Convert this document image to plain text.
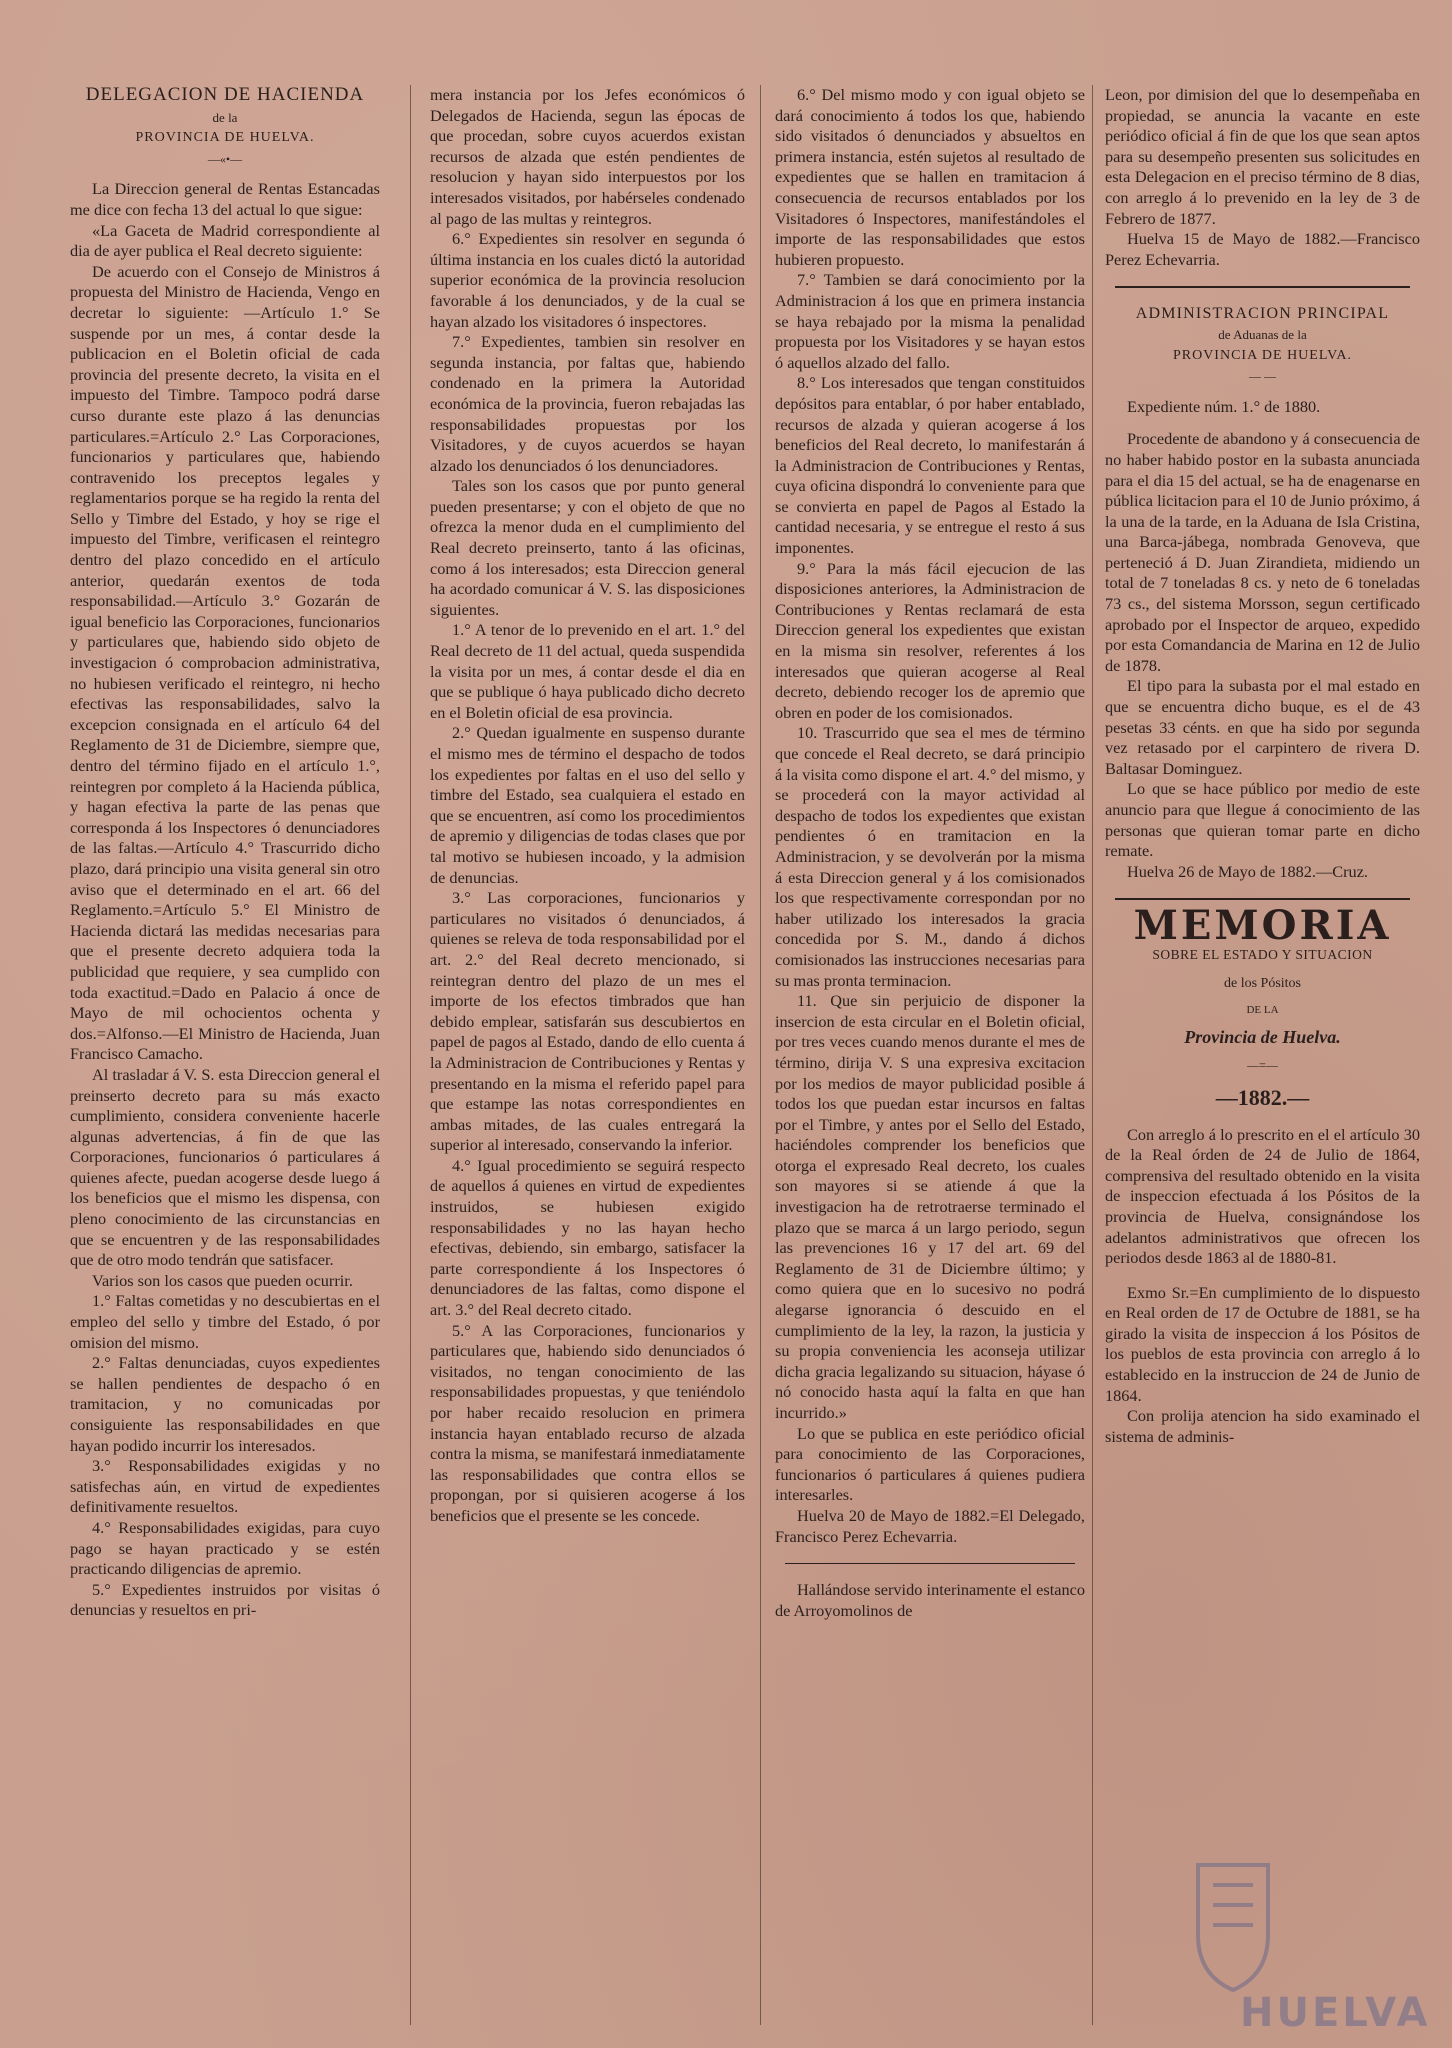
DELEGACION DE HACIENDA

de la

PROVINCIA DE HUELVA.

—«•—

La Direccion general de Rentas Estancadas me dice con fecha 13 del actual lo que sigue:

«La Gaceta de Madrid correspondiente al dia de ayer publica el Real decreto siguiente:

De acuerdo con el Consejo de Ministros á propuesta del Ministro de Hacienda, Vengo en decretar lo siguiente: —Artículo 1.° Se suspende por un mes, á contar desde la publicacion en el Boletin oficial de cada provincia del presente decreto, la visita en el impuesto del Timbre. Tampoco podrá darse curso durante este plazo á las denuncias particulares.=Artículo 2.° Las Corporaciones, funcionarios y particulares que, habiendo contravenido los preceptos legales y reglamentarios porque se ha regido la renta del Sello y Timbre del Estado, y hoy se rige el impuesto del Timbre, verificasen el reintegro dentro del plazo concedido en el artículo anterior, quedarán exentos de toda responsabilidad.—Artículo 3.° Gozarán de igual beneficio las Corporaciones, funcionarios y particulares que, habiendo sido objeto de investigacion ó comprobacion administrativa, no hubiesen verificado el reintegro, ni hecho efectivas las responsabilidades, salvo la excepcion consignada en el artículo 64 del Reglamento de 31 de Diciembre, siempre que, dentro del término fijado en el artículo 1.°, reintegren por completo á la Hacienda pública, y hagan efectiva la parte de las penas que corresponda á los Inspectores ó denunciadores de las faltas.—Artículo 4.° Trascurrido dicho plazo, dará principio una visita general sin otro aviso que el determinado en el art. 66 del Reglamento.=Artículo 5.° El Ministro de Hacienda dictará las medidas necesarias para que el presente decreto adquiera toda la publicidad que requiere, y sea cumplido con toda exactitud.=Dado en Palacio á once de Mayo de mil ochocientos ochenta y dos.=Alfonso.—El Ministro de Hacienda, Juan Francisco Camacho.

Al trasladar á V. S. esta Direccion general el preinserto decreto para su más exacto cumplimiento, considera conveniente hacerle algunas advertencias, á fin de que las Corporaciones, funcionarios ó particulares á quienes afecte, puedan acogerse desde luego á los beneficios que el mismo les dispensa, con pleno conocimiento de las circunstancias en que se encuentren y de las responsabilidades que de otro modo tendrán que satisfacer.

Varios son los casos que pueden ocurrir.

1.° Faltas cometidas y no descubiertas en el empleo del sello y timbre del Estado, ó por omision del mismo.

2.° Faltas denunciadas, cuyos expedientes se hallen pendientes de despacho ó en tramitacion, y no comunicadas por consiguiente las responsabilidades en que hayan podido incurrir los interesados.

3.° Responsabilidades exigidas y no satisfechas aún, en virtud de expedientes definitivamente resueltos.

4.° Responsabilidades exigidas, para cuyo pago se hayan practicado y se estén practicando diligencias de apremio.

5.° Expedientes instruidos por visitas ó denuncias y resueltos en pri-

mera instancia por los Jefes económicos ó Delegados de Hacienda, segun las épocas de que procedan, sobre cuyos acuerdos existan recursos de alzada que estén pendientes de resolucion y hayan sido interpuestos por los interesados visitados, por habérseles condenado al pago de las multas y reintegros.

6.° Expedientes sin resolver en segunda ó última instancia en los cuales dictó la autoridad superior económica de la provincia resolucion favorable á los denunciados, y de la cual se hayan alzado los visitadores ó inspectores.

7.° Expedientes, tambien sin resolver en segunda instancia, por faltas que, habiendo condenado en la primera la Autoridad económica de la provincia, fueron rebajadas las responsabilidades propuestas por los Visitadores, y de cuyos acuerdos se hayan alzado los denunciados ó los denunciadores.

Tales son los casos que por punto general pueden presentarse; y con el objeto de que no ofrezca la menor duda en el cumplimiento del Real decreto preinserto, tanto á las oficinas, como á los interesados; esta Direccion general ha acordado comunicar á V. S. las disposiciones siguientes.

1.° A tenor de lo prevenido en el art. 1.° del Real decreto de 11 del actual, queda suspendida la visita por un mes, á contar desde el dia en que se publique ó haya publicado dicho decreto en el Boletin oficial de esa provincia.

2.° Quedan igualmente en suspenso durante el mismo mes de término el despacho de todos los expedientes por faltas en el uso del sello y timbre del Estado, sea cualquiera el estado en que se encuentren, así como los procedimientos de apremio y diligencias de todas clases que por tal motivo se hubiesen incoado, y la admision de denuncias.

3.° Las corporaciones, funcionarios y particulares no visitados ó denunciados, á quienes se releva de toda responsabilidad por el art. 2.° del Real decreto mencionado, si reintegran dentro del plazo de un mes el importe de los efectos timbrados que han debido emplear, satisfarán sus descubiertos en papel de pagos al Estado, dando de ello cuenta á la Administracion de Contribuciones y Rentas y presentando en la misma el referido papel para que estampe las notas correspondientes en ambas mitades, de las cuales entregará la superior al interesado, conservando la inferior.

4.° Igual procedimiento se seguirá respecto de aquellos á quienes en virtud de expedientes instruidos, se hubiesen exigido responsabilidades y no las hayan hecho efectivas, debiendo, sin embargo, satisfacer la parte correspondiente á los Inspectores ó denunciadores de las faltas, como dispone el art. 3.° del Real decreto citado.

5.° A las Corporaciones, funcionarios y particulares que, habiendo sido denunciados ó visitados, no tengan conocimiento de las responsabilidades propuestas, y que teniéndolo por haber recaido resolucion en primera instancia hayan entablado recurso de alzada contra la misma, se manifestará inmediatamente las responsabilidades que contra ellos se propongan, por si quisieren acogerse á los beneficios que el presente se les concede.

6.° Del mismo modo y con igual objeto se dará conocimiento á todos los que, habiendo sido visitados ó denunciados y absueltos en primera instancia, estén sujetos al resultado de expedientes que se hallen en tramitacion á consecuencia de recursos entablados por los Visitadores ó Inspectores, manifestándoles el importe de las responsabilidades que estos hubieren propuesto.

7.° Tambien se dará conocimiento por la Administracion á los que en primera instancia se haya rebajado por la misma la penalidad propuesta por los Visitadores y se hayan estos ó aquellos alzado del fallo.

8.° Los interesados que tengan constituidos depósitos para entablar, ó por haber entablado, recursos de alzada y quieran acogerse á los beneficios del Real decreto, lo manifestarán á la Administracion de Contribuciones y Rentas, cuya oficina dispondrá lo conveniente para que se convierta en papel de Pagos al Estado la cantidad necesaria, y se entregue el resto á sus imponentes.

9.° Para la más fácil ejecucion de las disposiciones anteriores, la Administracion de Contribuciones y Rentas reclamará de esta Direccion general los expedientes que existan en la misma sin resolver, referentes á los interesados que quieran acogerse al Real decreto, debiendo recoger los de apremio que obren en poder de los comisionados.

10. Trascurrido que sea el mes de término que concede el Real decreto, se dará principio á la visita como dispone el art. 4.° del mismo, y se procederá con la mayor actividad al despacho de todos los expedientes que existan pendientes ó en tramitacion en la Administracion, y se devolverán por la misma á esta Direccion general y á los comisionados los que respectivamente correspondan por no haber utilizado los interesados la gracia concedida por S. M., dando á dichos comisionados las instrucciones necesarias para su mas pronta terminacion.

11. Que sin perjuicio de disponer la insercion de esta circular en el Boletin oficial, por tres veces cuando menos durante el mes de término, dirija V. S una expresiva excitacion por los medios de mayor publicidad posible á todos los que puedan estar incursos en faltas por el Timbre, y antes por el Sello del Estado, haciéndoles comprender los beneficios que otorga el expresado Real decreto, los cuales son mayores si se atiende á que la investigacion ha de retrotraerse terminado el plazo que se marca á un largo periodo, segun las prevenciones 16 y 17 del art. 69 del Reglamento de 31 de Diciembre último; y como quiera que en lo sucesivo no podrá alegarse ignorancia ó descuido en el cumplimiento de la ley, la razon, la justicia y su propia conveniencia les aconseja utilizar dicha gracia legalizando su situacion, háyase ó nó conocido hasta aquí la falta en que han incurrido.»

Lo que se publica en este periódico oficial para conocimiento de las Corporaciones, funcionarios ó particulares á quienes pudiera interesarles.

Huelva 20 de Mayo de 1882.=El Delegado, Francisco Perez Echevarria.

Hallándose servido interinamente el estanco de Arroyomolinos de

Leon, por dimision del que lo desempeñaba en propiedad, se anuncia la vacante en este periódico oficial á fin de que los que sean aptos para su desempeño presenten sus solicitudes en esta Delegacion en el preciso término de 8 dias, con arreglo á lo prevenido en la ley de 3 de Febrero de 1877.

Huelva 15 de Mayo de 1882.—Francisco Perez Echevarria.

ADMINISTRACION PRINCIPAL

de Aduanas de la

PROVINCIA DE HUELVA.

— —

Expediente núm. 1.° de 1880.

Procedente de abandono y á consecuencia de no haber habido postor en la subasta anunciada para el dia 15 del actual, se ha de enagenarse en pública licitacion para el 10 de Junio próximo, á la una de la tarde, en la Aduana de Isla Cristina, una Barca-jábega, nombrada Genoveva, que perteneció á D. Juan Zirandieta, midiendo un total de 7 toneladas 8 cs. y neto de 6 toneladas 73 cs., del sistema Morsson, segun certificado aprobado por el Inspector de arqueo, expedido por esta Comandancia de Marina en 12 de Julio de 1878.

El tipo para la subasta por el mal estado en que se encuentra dicho buque, es el de 43 pesetas 33 cénts. en que ha sido por segunda vez retasado por el carpintero de rivera D. Baltasar Dominguez.

Lo que se hace público por medio de este anuncio para que llegue á conocimiento de las personas que quieran tomar parte en dicho remate.

Huelva 26 de Mayo de 1882.—Cruz.

MEMORIA

SOBRE EL ESTADO Y SITUACION

de los Pósitos

DE LA

Provincia de Huelva.

—=—

—1882.—

Con arreglo á lo prescrito en el el artículo 30 de la Real órden de 24 de Julio de 1864, comprensiva del resultado obtenido en la visita de inspeccion efectuada á los Pósitos de la provincia de Huelva, consignándose los adelantos administrativos que ofrecen los periodos desde 1863 al de 1880-81.

Exmo Sr.=En cumplimiento de lo dispuesto en Real orden de 17 de Octubre de 1881, se ha girado la visita de inspeccion á los Pósitos de los pueblos de esta provincia con arreglo á lo establecido en la instruccion de 24 de Junio de 1864.

Con prolija atencion ha sido examinado el sistema de adminis-

HUELVA
